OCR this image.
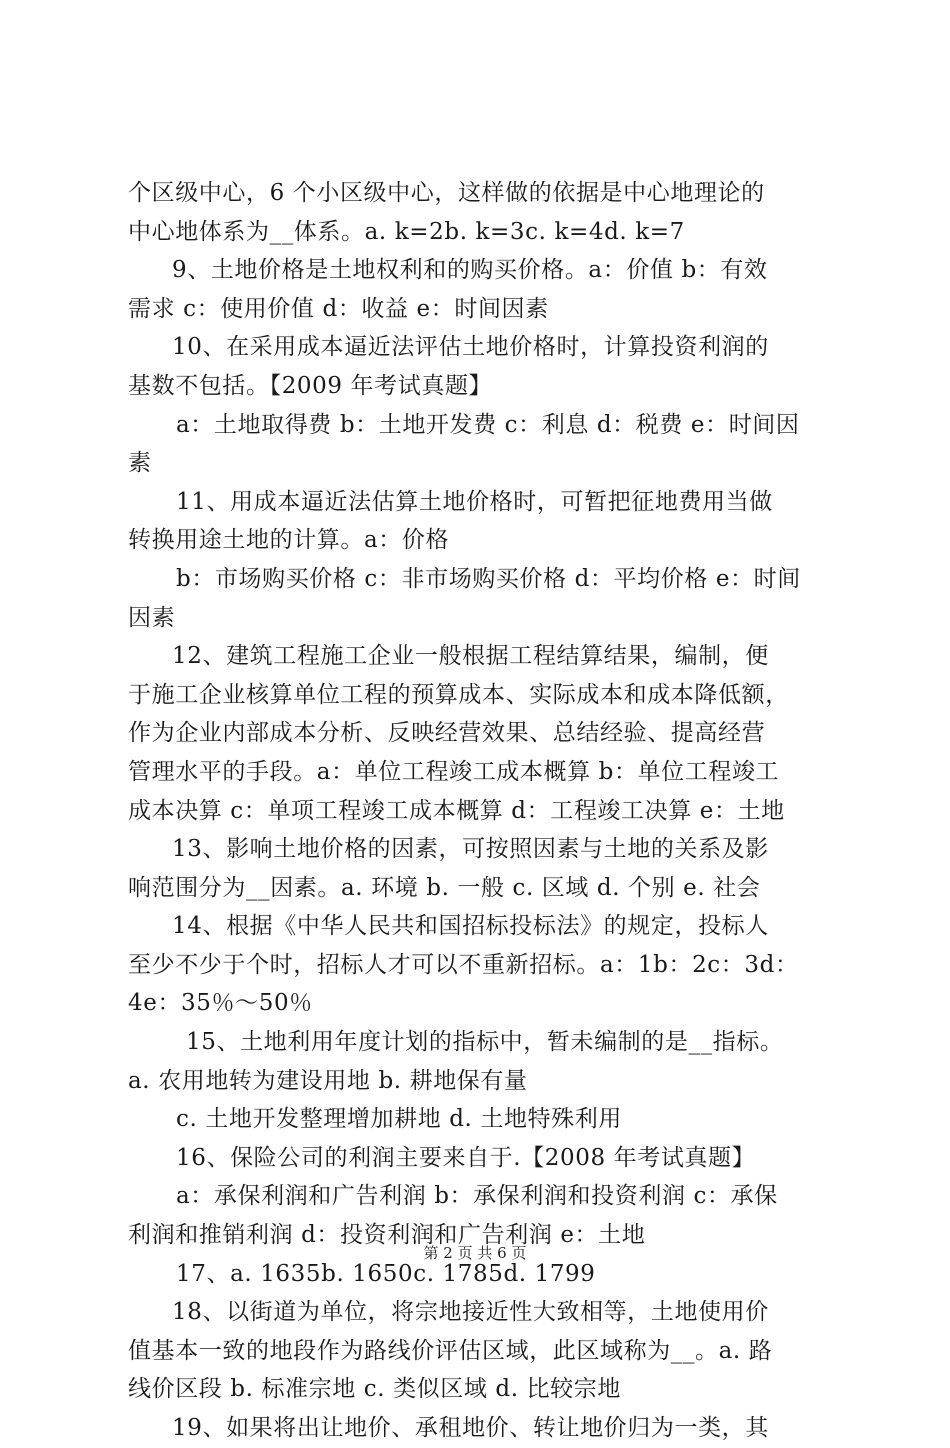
个区级中心，6 个小区级中心，这样做的依据是中心地理论的
中心地体系为__体系。a. k=2b. k=3c. k=4d. k=7
9、土地价格是土地权利和的购买价格。a：价值 b：有效
需求 c：使用价值 d：收益 e：时间因素
10、在采用成本逼近法评估土地价格时，计算投资利润的
基数不包括。【2009 年考试真题】
a：土地取得费 b：土地开发费 c：利息 d：税费 e：时间因
素
11、用成本逼近法估算土地价格时，可暂把征地费用当做
转换用途土地的计算。a：价格
b：市场购买价格 c：非市场购买价格 d：平均价格 e：时间
因素
12、建筑工程施工企业一般根据工程结算结果，编制，便
于施工企业核算单位工程的预算成本、实际成本和成本降低额，
作为企业内部成本分析、反映经营效果、总结经验、提高经营
管理水平的手段。a：单位工程竣工成本概算 b：单位工程竣工
成本决算 c：单项工程竣工成本概算 d：工程竣工决算 e：土地
13、影响土地价格的因素，可按照因素与土地的关系及影
响范围分为__因素。a. 环境 b. 一般 c. 区域 d. 个别 e. 社会
14、根据《中华人民共和国招标投标法》的规定，投标人
至少不少于个时，招标人才可以不重新招标。a：1b：2c：3d：
4e：35％～50％
15、土地利用年度计划的指标中，暂未编制的是__指标。
a. 农用地转为建设用地 b. 耕地保有量
c. 土地开发整理增加耕地 d. 土地特殊利用
16、保险公司的利润主要来自于.【2008 年考试真题】
a：承保利润和广告利润 b：承保利润和投资利润 c：承保
利润和推销利润 d：投资利润和广告利润 e：土地
17、a. 1635b. 1650c. 1785d. 1799
18、以街道为单位，将宗地接近性大致相等，土地使用价
值基本一致的地段作为路线价评估区域，此区域称为__。a. 路
线价区段 b. 标准宗地 c. 类似区域 d. 比较宗地
19、如果将出让地价、承租地价、转让地价归为一类，其
第 2 页 共 6 页
